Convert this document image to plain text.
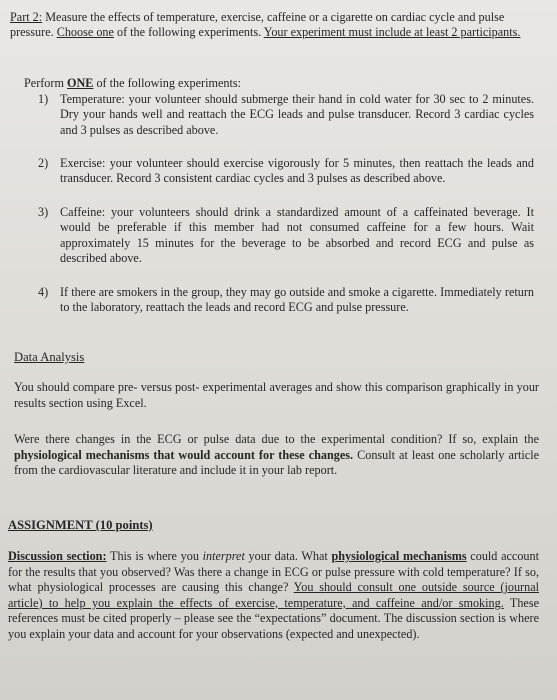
Part 2: Measure the effects of temperature, exercise, caffeine or a cigarette on cardiac cycle and pulse pressure. Choose one of the following experiments. Your experiment must include at least 2 participants.
Perform ONE of the following experiments:
1) Temperature: your volunteer should submerge their hand in cold water for 30 sec to 2 minutes. Dry your hands well and reattach the ECG leads and pulse transducer. Record 3 cardiac cycles and 3 pulses as described above.
2) Exercise: your volunteer should exercise vigorously for 5 minutes, then reattach the leads and transducer. Record 3 consistent cardiac cycles and 3 pulses as described above.
3) Caffeine: your volunteers should drink a standardized amount of a caffeinated beverage. It would be preferable if this member had not consumed caffeine for a few hours. Wait approximately 15 minutes for the beverage to be absorbed and record ECG and pulse as described above.
4) If there are smokers in the group, they may go outside and smoke a cigarette. Immediately return to the laboratory, reattach the leads and record ECG and pulse pressure.
Data Analysis
You should compare pre- versus post- experimental averages and show this comparison graphically in your results section using Excel.
Were there changes in the ECG or pulse data due to the experimental condition? If so, explain the physiological mechanisms that would account for these changes. Consult at least one scholarly article from the cardiovascular literature and include it in your lab report.
ASSIGNMENT (10 points)
Discussion section: This is where you interpret your data. What physiological mechanisms could account for the results that you observed? Was there a change in ECG or pulse pressure with cold temperature? If so, what physiological processes are causing this change? You should consult one outside source (journal article) to help you explain the effects of exercise, temperature, and caffeine and/or smoking. These references must be cited properly – please see the “expectations” document. The discussion section is where you explain your data and account for your observations (expected and unexpected).
